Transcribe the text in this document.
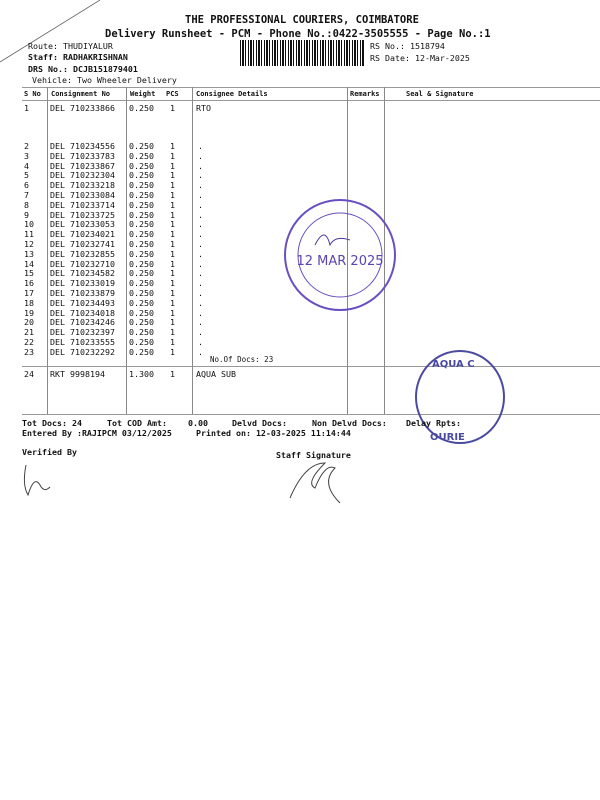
THE PROFESSIONAL COURIERS, COIMBATORE
Delivery Runsheet - PCM - Phone No.:0422-3505555 - Page No.:1
Route: THUDIYALUR
Staff: RADHAKRISHNAN
DRS No.: DCJB151879401
Vehicle: Two Wheeler Delivery
RS No.: 1518794
RS Date: 12-Mar-2025
S No Consignment No	Weight PCS Consignee Details	Remarks	Seal & Signature
1	DEL 710233866 0.250 1	RTO
2	DEL 710234556 0.250 1	.
3	DEL 710233783 0.250 1	.
4	DEL 710233867 0.250 1	.
5	DEL 710232304 0.250 1	.
6	DEL 710233218 0.250 1	.
7	DEL 710233084 0.250 1	.
8	DEL 710233714 0.250 1	.
9	DEL 710233725 0.250 1	.
10 DEL 710233053 0.250 1	.
11 DEL 710234021 0.250 1	.
12 DEL 710232741 0.250 1	.
13 DEL 710232855 0.250 1	.
14 DEL 710232710 0.250 1	.
15 DEL 710234582 0.250 1	.
16 DEL 710233019 0.250 1	.
17 DEL 710233879 0.250 1	.
18 DEL 710234493 0.250 1	.
19 DEL 710234018 0.250 1	.
20 DEL 710234246 0.250 1	.
21 DEL 710232397 0.250 1	.
22 DEL 710233555 0.250 1	.
23 DEL 710232292 0.250 1	.
No.Of Docs: 23
24 RKT 9998194	1.300 1	AQUA SUB
12 MAR 2025
AQUA C
OURIE
Tot Docs: 24	Tot COD Amt:	0.00	Delvd Docs:	Non Delvd Docs: Delay Rpts:
Entered By :RAJIPCM 03/12/2025	Printed on: 12-03-2025 11:14:44
Verified By	Staff Signature
